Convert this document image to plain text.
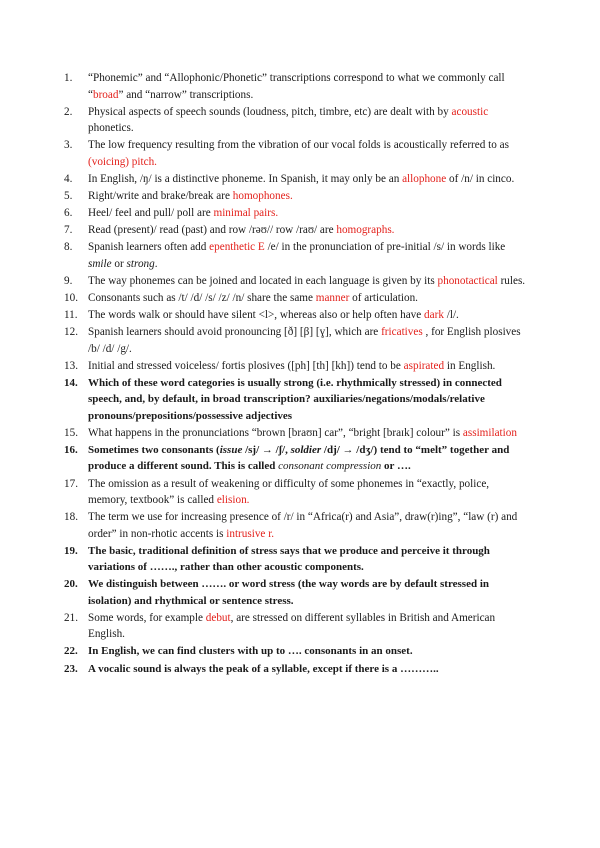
1.	“Phonemic” and “Allophonic/Phonetic” transcriptions correspond to what we commonly call “broad” and “narrow” transcriptions.
2.	Physical aspects of speech sounds (loudness, pitch, timbre, etc) are dealt with by acoustic phonetics.
3.	The low frequency resulting from the vibration of our vocal folds is acoustically referred to as (voicing) pitch.
4.	In English, /ŋ/ is a distinctive phoneme. In Spanish, it may only be an allophone of /n/ in cinco.
5.	Right/write and brake/break are homophones.
6.	Heel/ feel and pull/ poll are minimal pairs.
7.	Read (present)/ read (past) and row /rəʊ// row /raʊ/ are homographs.
8.	Spanish learners often add epenthetic E /e/ in the pronunciation of pre-initial /s/ in words like smile or strong.
9.	The way phonemes can be joined and located in each language is given by its phonotactical rules.
10. Consonants such as /t/ /d/ /s/ /z/ /n/ share the same manner of articulation.
11. The words walk or should have silent <l>, whereas also or help often have dark /l/.
12. Spanish learners should avoid pronouncing [ð] [β] [ɣ], which are fricatives , for English plosives /b/ /d/ /g/.
13. Initial and stressed voiceless/ fortis plosives ([ph] [th] [kh]) tend to be aspirated in English.
14. Which of these word categories is usually strong (i.e. rhythmically stressed) in connected speech, and, by default, in broad transcription? auxiliaries/negations/modals/relative pronouns/prepositions/possessive adjectives
15. What happens in the pronunciations “brown [braʊn] car”, “bright [braɪk] colour” is assimilation
16. Sometimes two consonants (issue /sj/ → /ʃ/, soldier /dj/ → /dʒ/) tend to “melt” together and produce a different sound. This is called consonant compression or ….
17. The omission as a result of weakening or difficulty of some phonemes in “exactly, police, memory, textbook” is called elision.
18. The term we use for increasing presence of /r/ in “Africa(r) and Asia”, draw(r)ing”, “law (r) and order” in non-rhotic accents is intrusive r.
19. The basic, traditional definition of stress says that we produce and perceive it through variations of ……., rather than other acoustic components.
20. We distinguish between ……. or word stress (the way words are by default stressed in isolation) and rhythmical or sentence stress.
21. Some words, for example debut, are stressed on different syllables in British and American English.
22. In English, we can find clusters with up to …. consonants in an onset.
23. A vocalic sound is always the peak of a syllable, except if there is a ………..
